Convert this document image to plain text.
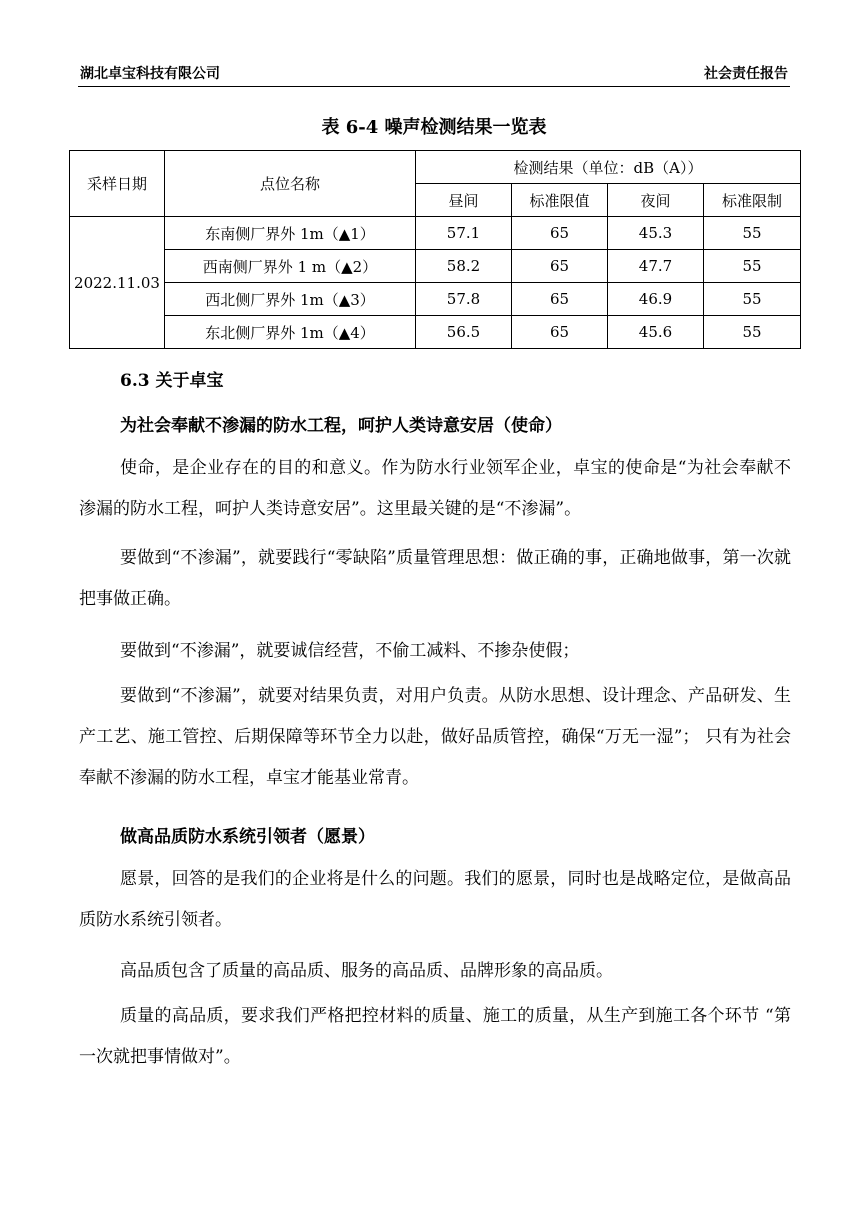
湖北卓宝科技有限公司	社会责任报告
表 6-4 噪声检测结果一览表
采样日期	点位名称	检测结果（单位：dB（A））			
		昼间	标准限值	夜间	标准限制
2022.11.03	东南侧厂界外 1m（▲1）	57.1	65	45.3	55
	西南侧厂界外 1 m（▲2）	58.2	65	47.7	55
	西北侧厂界外 1m（▲3）	57.8	65	46.9	55
	东北侧厂界外 1m（▲4）	56.5	65	45.6	55
6.3 关于卓宝
为社会奉献不渗漏的防水工程，呵护人类诗意安居（使命）

使命，是企业存在的目的和意义。作为防水行业领军企业，卓宝的使命是“为社会奉献不渗漏的防水工程，呵护人类诗意安居”。这里最关键的是“不渗漏”。

要做到“不渗漏”，就要践行“零缺陷”质量管理思想：做正确的事，正确地做事，第一次就把事做正确。

要做到“不渗漏”，就要诚信经营，不偷工减料、不掺杂使假；

要做到“不渗漏”，就要对结果负责，对用户负责。从防水思想、设计理念、产品研发、生产工艺、施工管控、后期保障等环节全力以赴，做好品质管控，确保“万无一湿”； 只有为社会奉献不渗漏的防水工程，卓宝才能基业常青。

做高品质防水系统引领者（愿景）

愿景，回答的是我们的企业将是什么的问题。我们的愿景，同时也是战略定位，是做高品质防水系统引领者。

高品质包含了质量的高品质、服务的高品质、品牌形象的高品质。

质量的高品质，要求我们严格把控材料的质量、施工的质量，从生产到施工各个环节 “第一次就把事情做对”。
